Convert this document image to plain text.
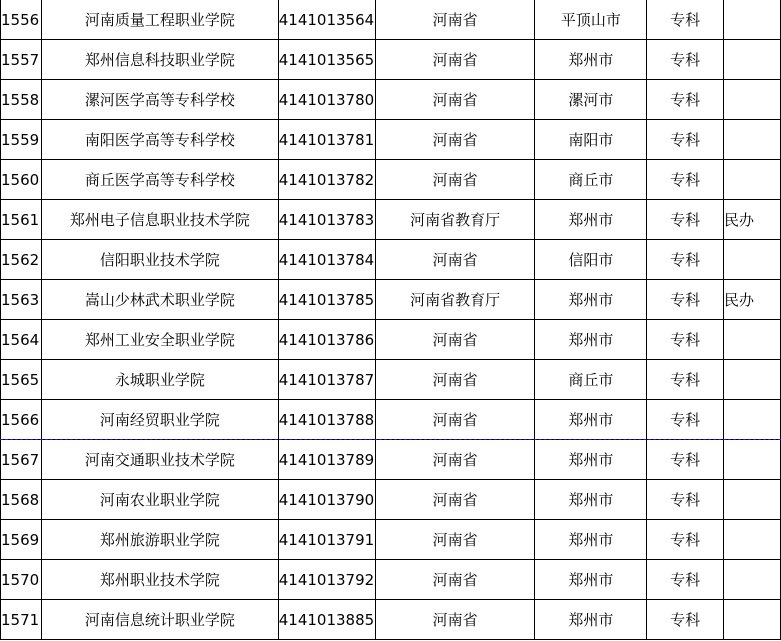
1556	河南质量工程职业学院	4141013564	河南省	平顶山市	专科	
1557	郑州信息科技职业学院	4141013565	河南省	郑州市	专科	
1558	漯河医学高等专科学校	4141013780	河南省	漯河市	专科	
1559	南阳医学高等专科学校	4141013781	河南省	南阳市	专科	
1560	商丘医学高等专科学校	4141013782	河南省	商丘市	专科	
1561	郑州电子信息职业技术学院	4141013783	河南省教育厅	郑州市	专科	民办
1562	信阳职业技术学院	4141013784	河南省	信阳市	专科	
1563	嵩山少林武术职业学院	4141013785	河南省教育厅	郑州市	专科	民办
1564	郑州工业安全职业学院	4141013786	河南省	郑州市	专科	
1565	永城职业学院	4141013787	河南省	商丘市	专科	
1566	河南经贸职业学院	4141013788	河南省	郑州市	专科	
1567	河南交通职业技术学院	4141013789	河南省	郑州市	专科	
1568	河南农业职业学院	4141013790	河南省	郑州市	专科	
1569	郑州旅游职业学院	4141013791	河南省	郑州市	专科	
1570	郑州职业技术学院	4141013792	河南省	郑州市	专科	
1571	河南信息统计职业学院	4141013885	河南省	郑州市	专科	
